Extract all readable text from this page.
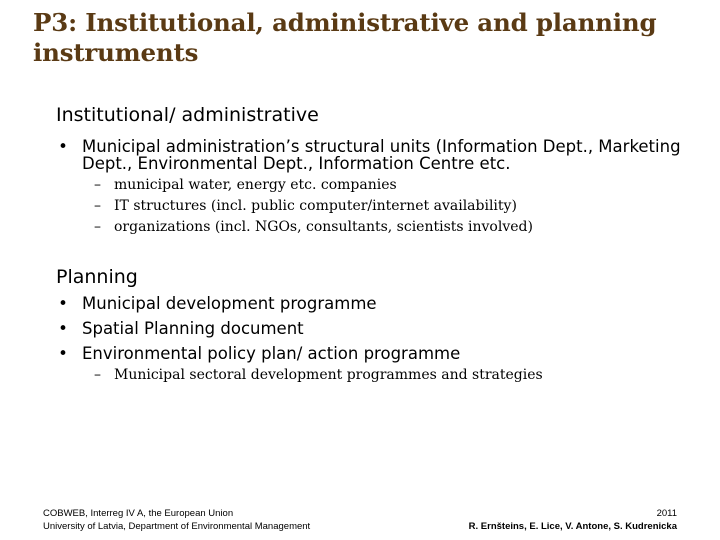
P3: Institutional, administrative and planning
instruments
Institutional/ administrative
• Municipal administration’s structural units (Information Dept., Marketing
Dept., Environmental Dept., Information Centre etc.
– municipal water, energy etc. companies
– IT structures (incl. public computer/internet availability)
– organizations (incl. NGOs, consultants, scientists involved)
Planning
• Municipal development programme
• Spatial Planning document
• Environmental policy plan/ action programme
– Municipal sectoral development programmes and strategies
COBWEB, Interreg IV A, the European Union
University of Latvia, Department of Environmental Management
2011
R. Ernšteins, E. Lice, V. Antone, S. Kudrenicka
